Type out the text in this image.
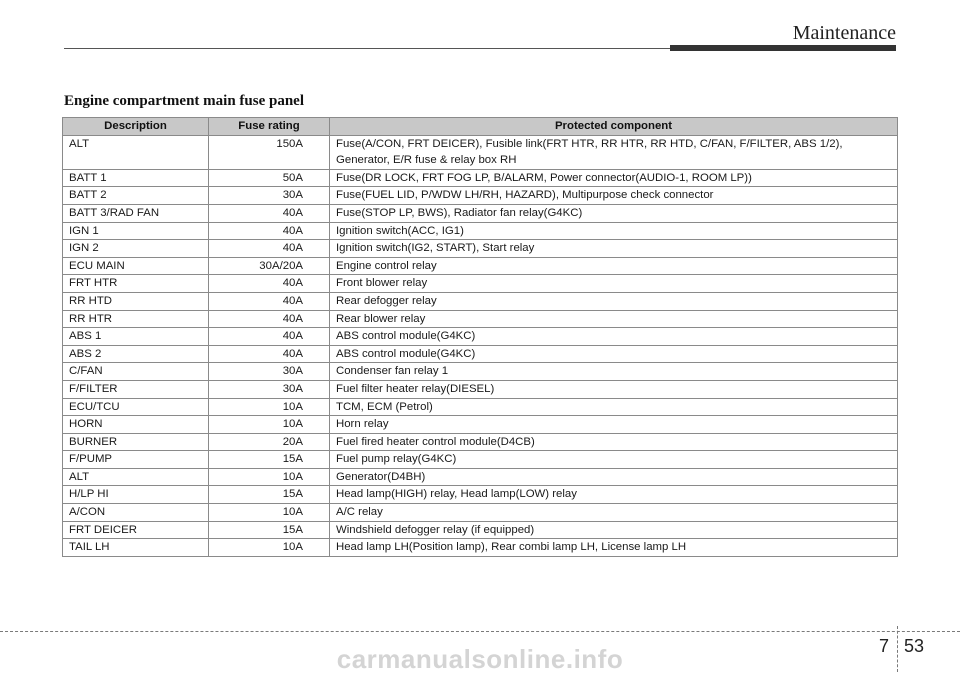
Maintenance
Engine compartment main fuse panel
Description	Fuse rating	Protected component
ALT	150A	Fuse(A/CON, FRT DEICER), Fusible link(FRT HTR, RR HTR, RR HTD, C/FAN, F/FILTER, ABS 1/2),
Generator, E/R fuse & relay box RH

BATT 1	50A	Fuse(DR LOCK, FRT FOG LP, B/ALARM, Power connector(AUDIO-1, ROOM LP))

BATT 2	30A	Fuse(FUEL LID, P/WDW LH/RH, HAZARD), Multipurpose check connector

BATT 3/RAD FAN	40A	Fuse(STOP LP, BWS), Radiator fan relay(G4KC)

IGN 1	40A	Ignition switch(ACC, IG1)

IGN 2	40A	Ignition switch(IG2, START), Start relay

ECU MAIN	30A/20A	Engine control relay

FRT HTR	40A	Front blower relay

RR HTD	40A	Rear defogger relay

RR HTR	40A	Rear blower relay

ABS 1	40A	ABS control module(G4KC)

ABS 2	40A	ABS control module(G4KC)

C/FAN	30A	Condenser fan relay 1

F/FILTER	30A	Fuel filter heater relay(DIESEL)

ECU/TCU	10A	TCM, ECM (Petrol)

HORN	10A	Horn relay

BURNER	20A	Fuel fired heater control module(D4CB)

F/PUMP	15A	Fuel pump relay(G4KC)

ALT	10A	Generator(D4BH)

H/LP HI	15A	Head lamp(HIGH) relay, Head lamp(LOW) relay

A/CON	10A	A/C relay

FRT DEICER	15A	Windshield defogger relay (if equipped)

TAIL LH	10A	Head lamp LH(Position lamp), Rear combi lamp LH, License lamp LH
7 53
carmanualsonline.info
